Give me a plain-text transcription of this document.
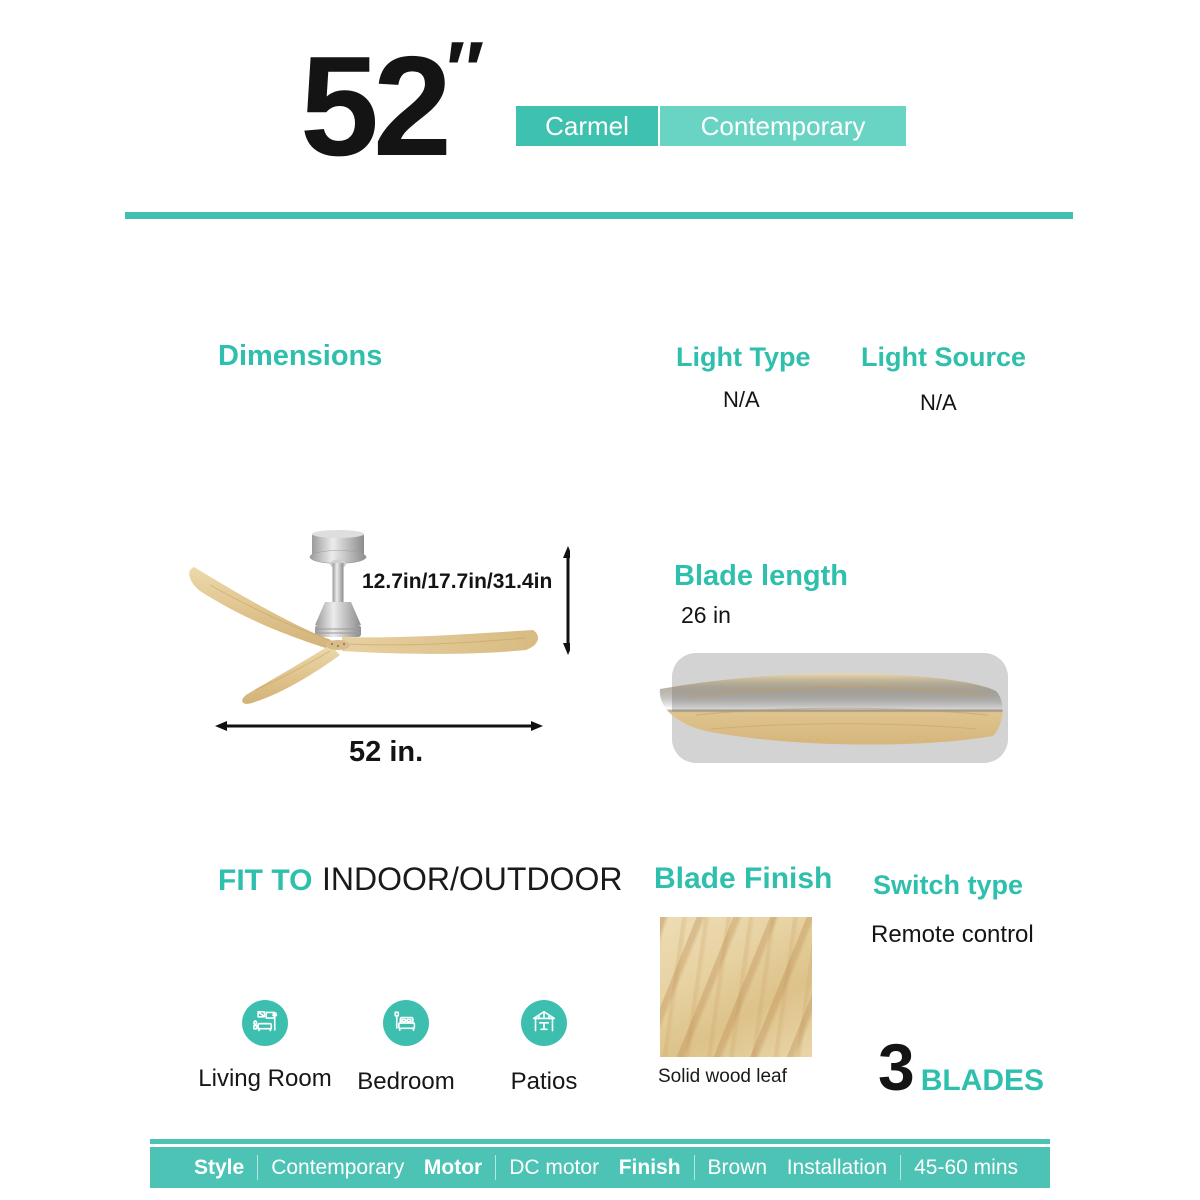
52 ″
Carmel	Contemporary
Dimensions	Light Type
N/A
Light Source
N/A
12.7in/17.7in/31.4in
52 in.
Blade length
26 in
FIT TO INDOOR/OUTDOOR
Living Room	Bedroom	Patios
Blade Finish
Solid wood leaf
Switch type
Remote control
3 BLADES
Style Contemporary Motor DC motor Finish Brown Installation 45-60 mins
